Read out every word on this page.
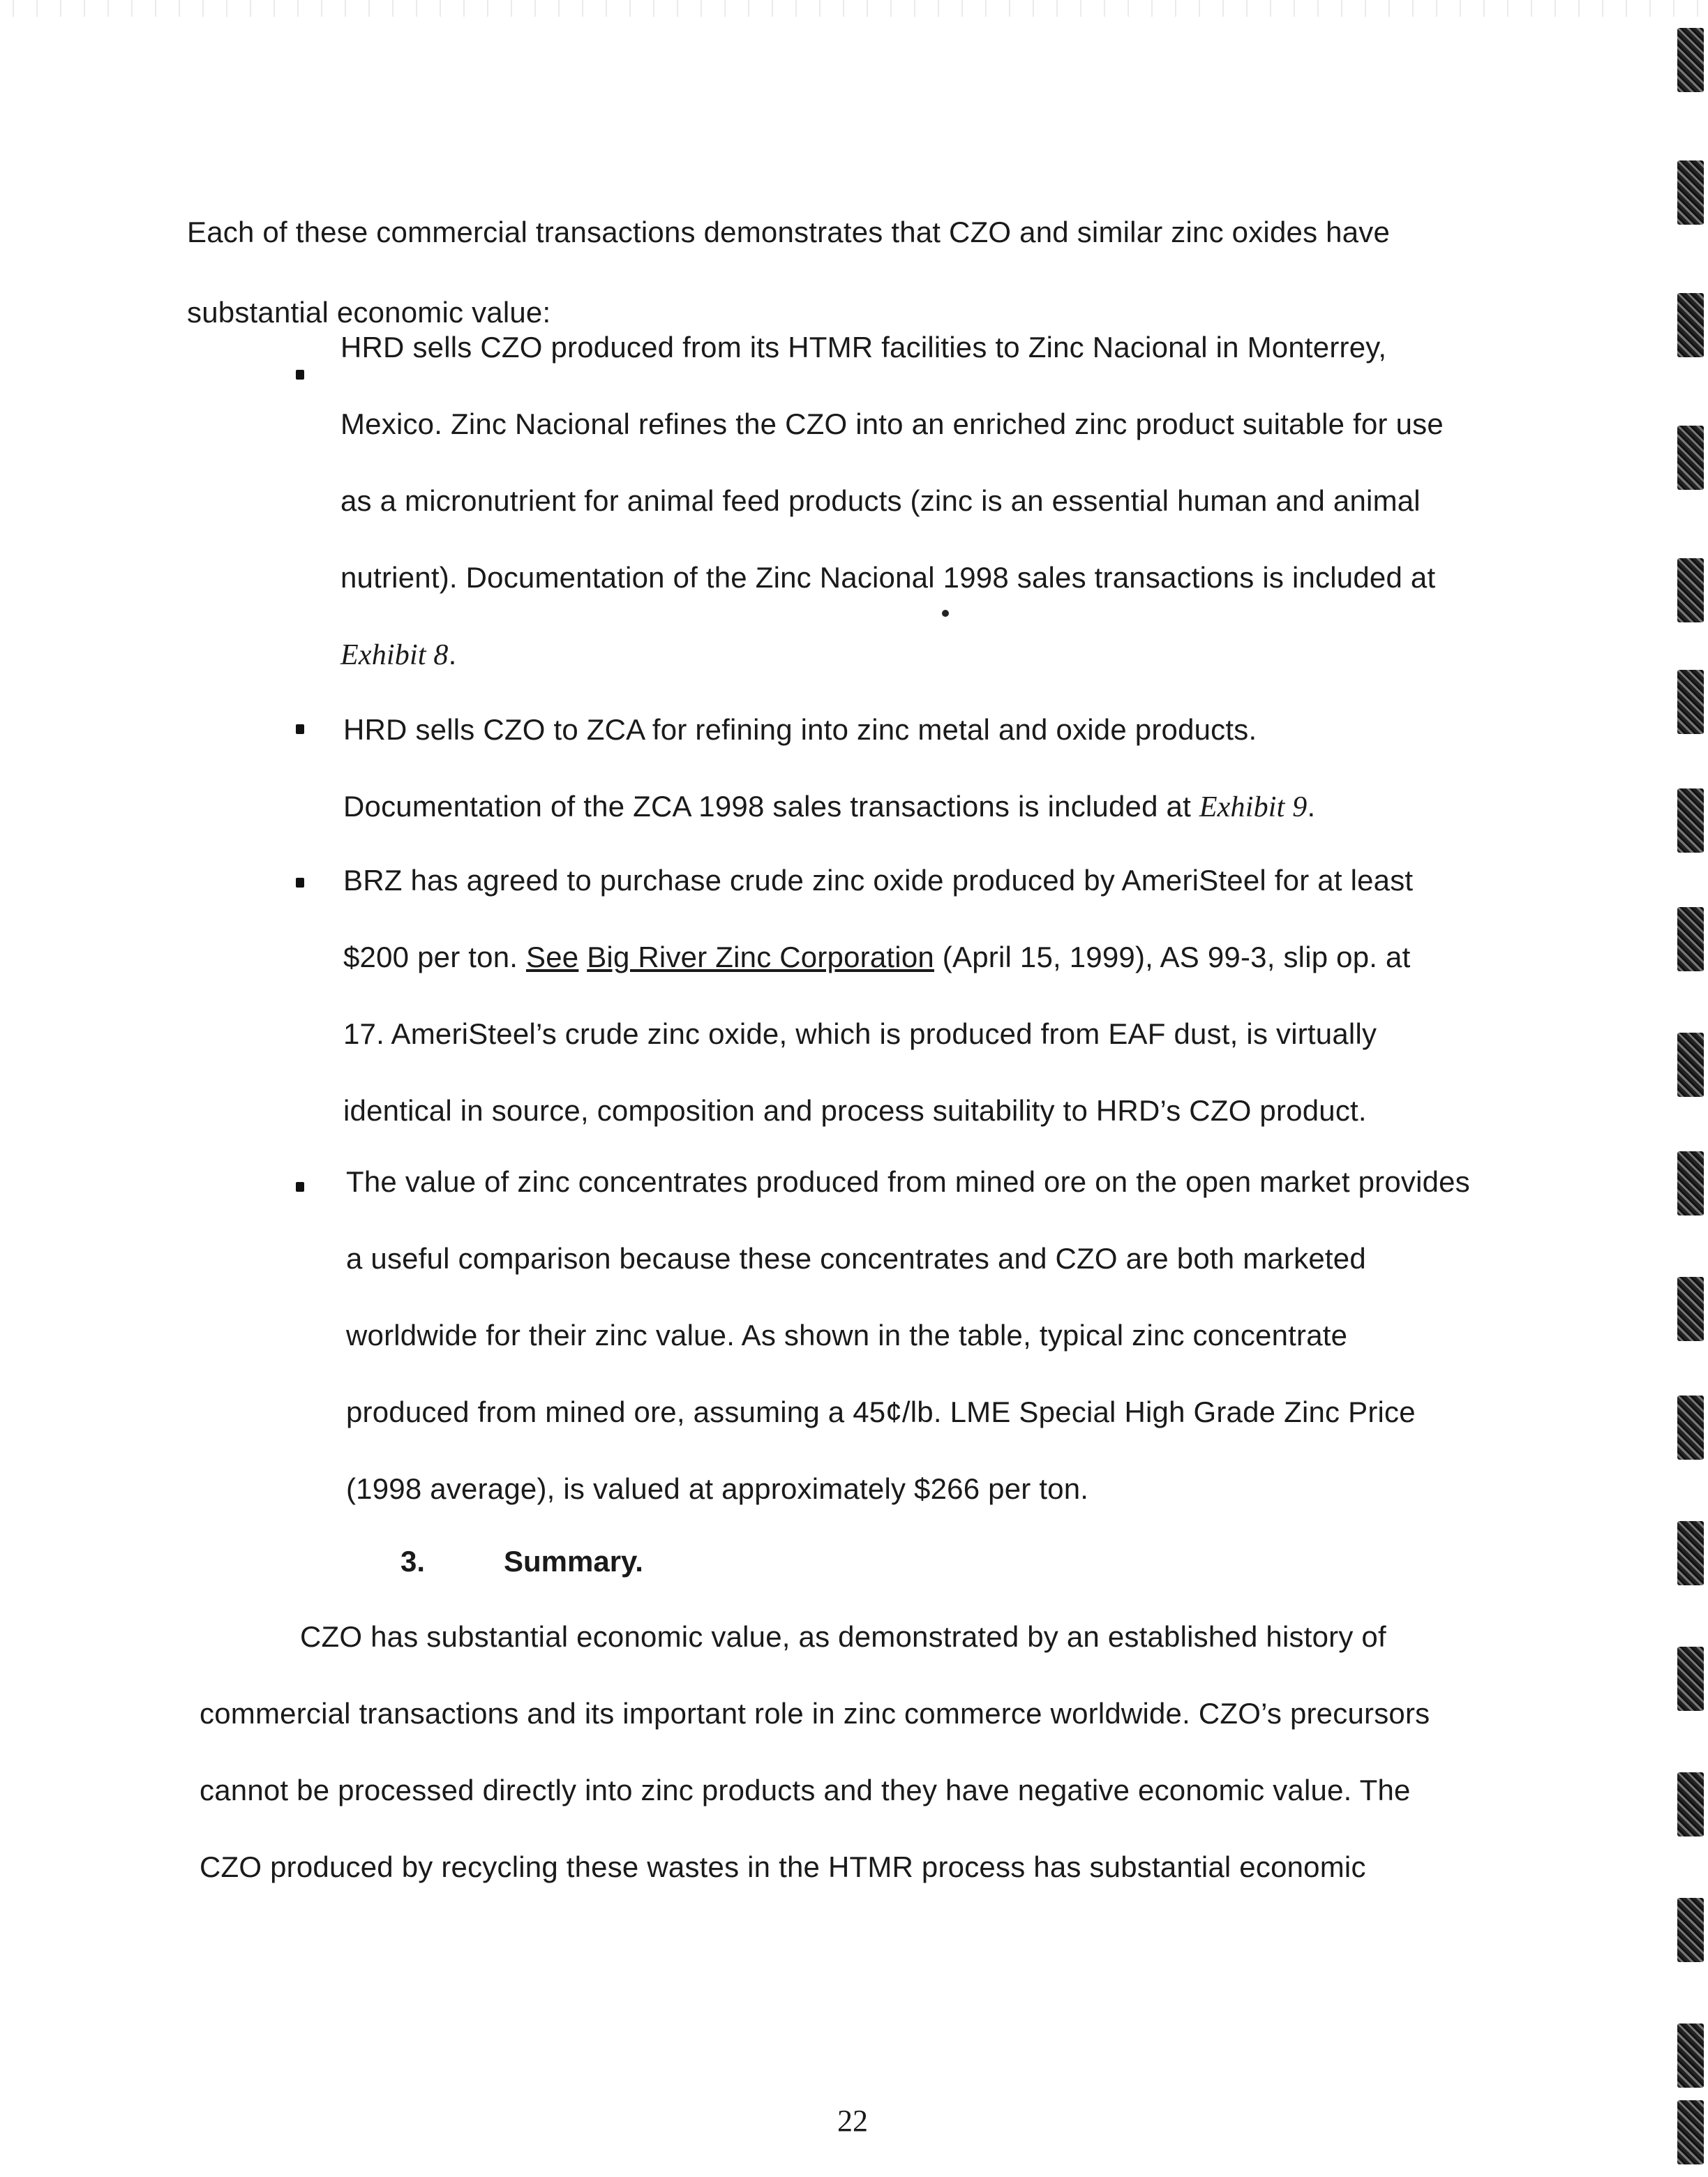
Each of these commercial transactions demonstrates that CZO and similar zinc oxides have
substantial economic value:
HRD sells CZO produced from its HTMR facilities to Zinc Nacional in Monterrey,
Mexico. Zinc Nacional refines the CZO into an enriched zinc product suitable for use
as a micronutrient for animal feed products (zinc is an essential human and animal
nutrient). Documentation of the Zinc Nacional 1998 sales transactions is included at
Exhibit 8.
HRD sells CZO to ZCA for refining into zinc metal and oxide products.
Documentation of the ZCA 1998 sales transactions is included at Exhibit 9.
BRZ has agreed to purchase crude zinc oxide produced by AmeriSteel for at least
$200 per ton. See Big River Zinc Corporation (April 15, 1999), AS 99-3, slip op. at
17. AmeriSteel’s crude zinc oxide, which is produced from EAF dust, is virtually
identical in source, composition and process suitability to HRD’s CZO product.
The value of zinc concentrates produced from mined ore on the open market provides
a useful comparison because these concentrates and CZO are both marketed
worldwide for their zinc value. As shown in the table, typical zinc concentrate
produced from mined ore, assuming a 45¢/lb. LME Special High Grade Zinc Price
(1998 average), is valued at approximately $266 per ton.
3.	Summary.
CZO has substantial economic value, as demonstrated by an established history of
commercial transactions and its important role in zinc commerce worldwide. CZO’s precursors
cannot be processed directly into zinc products and they have negative economic value. The
CZO produced by recycling these wastes in the HTMR process has substantial economic
22
